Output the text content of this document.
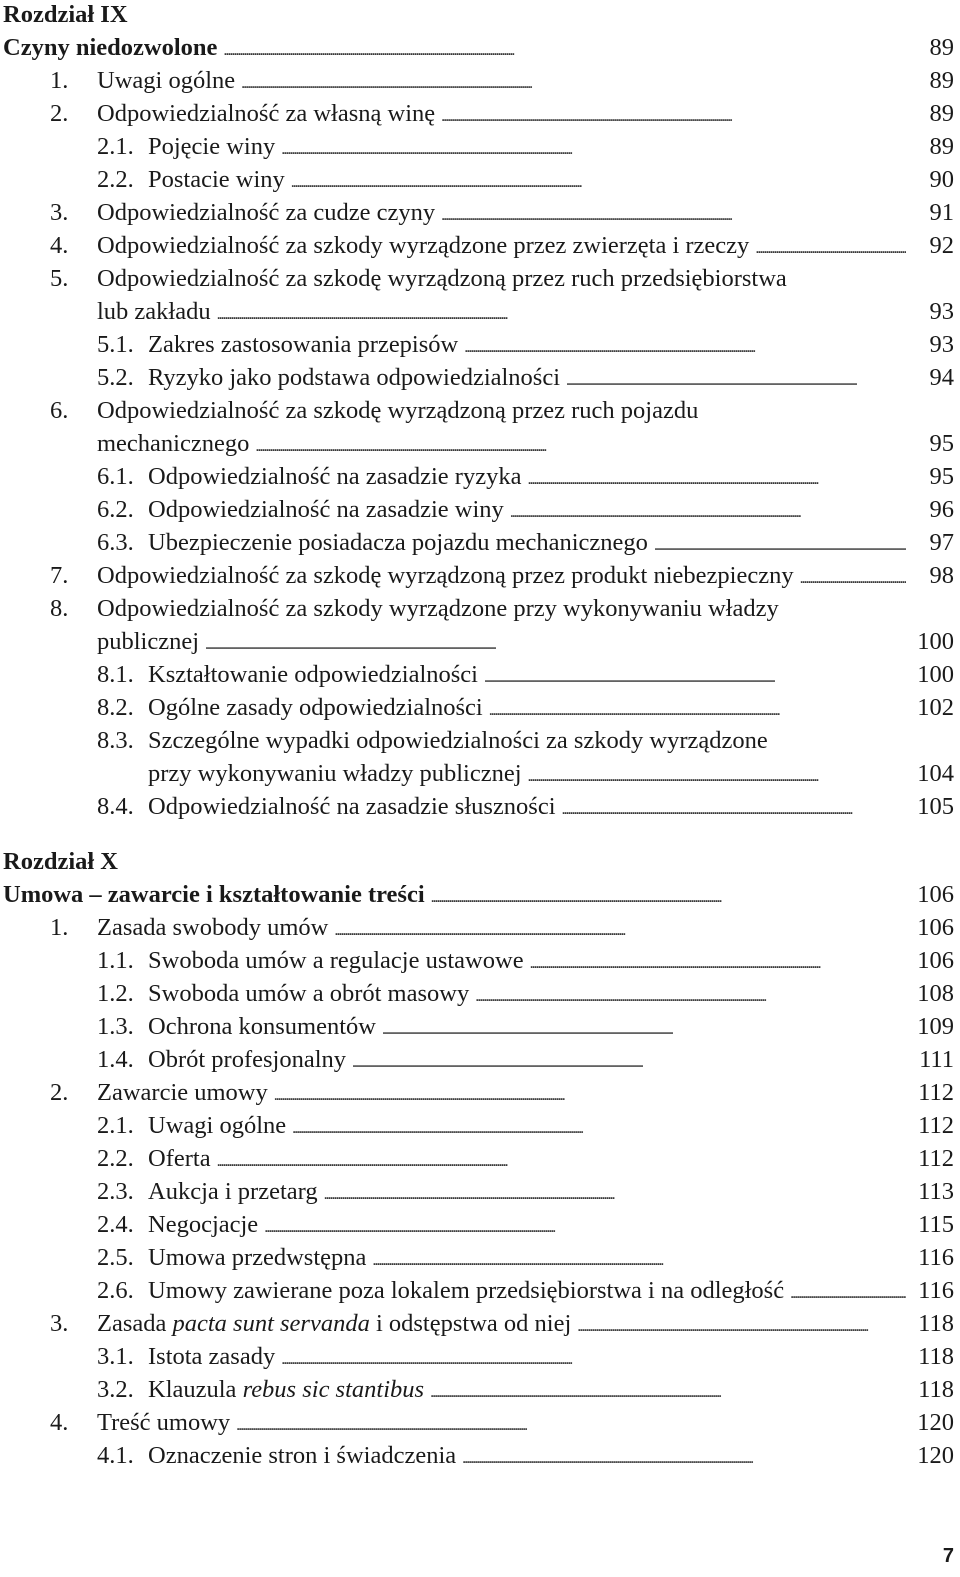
Rozdział IX
Czyny niedozwolone . . .	89
1. Uwagi ogólne . . .	89
2. Odpowiedzialność za własną winę . . .	89
2.1. Pojęcie winy . . .	89
2.2. Postacie winy . . .	90
3. Odpowiedzialność za cudze czyny . . .	91
4. Odpowiedzialność za szkody wyrządzone przez zwierzęta i rzeczy . . .	92
5. Odpowiedzialność za szkodę wyrządzoną przez ruch przedsiębiorstwa
lub zakładu . . .	93
5.1. Zakres zastosowania przepisów . . .	93
5.2. Ryzyko jako podstawa odpowiedzialności . . .	94
6. Odpowiedzialność za szkodę wyrządzoną przez ruch pojazdu
mechanicznego . . .	95
6.1. Odpowiedzialność na zasadzie ryzyka . . .	95
6.2. Odpowiedzialność na zasadzie winy . . .	96
6.3. Ubezpieczenie posiadacza pojazdu mechanicznego . . .	97
7. Odpowiedzialność za szkodę wyrządzoną przez produkt niebezpieczny . . .	98
8. Odpowiedzialność za szkody wyrządzone przy wykonywaniu władzy
publicznej . . .	100
8.1. Kształtowanie odpowiedzialności . . .	100
8.2. Ogólne zasady odpowiedzialności . . .	102
8.3. Szczególne wypadki odpowiedzialności za szkody wyrządzone
przy wykonywaniu władzy publicznej . . .	104
8.4. Odpowiedzialność na zasadzie słuszności . . .	105
Rozdział X
Umowa – zawarcie i kształtowanie treści . . .	106
1. Zasada swobody umów . . .	106
1.1. Swoboda umów a regulacje ustawowe . . .	106
1.2. Swoboda umów a obrót masowy . . .	108
1.3. Ochrona konsumentów . . .	109
1.4. Obrót profesjonalny . . .	111
2. Zawarcie umowy . . .	112
2.1. Uwagi ogólne . . .	112
2.2. Oferta . . .	112
2.3. Aukcja i przetarg . . .	113
2.4. Negocjacje . . .	115
2.5. Umowa przedwstępna . . .	116
2.6. Umowy zawierane poza lokalem przedsiębiorstwa i na odległość . . .	116
3. Zasada pacta sunt servanda i odstępstwa od niej . . .	118
3.1. Istota zasady . . .	118
3.2. Klauzula rebus sic stantibus . . .	118
4. Treść umowy . . .	120
4.1. Oznaczenie stron i świadczenia . . .	120
7
